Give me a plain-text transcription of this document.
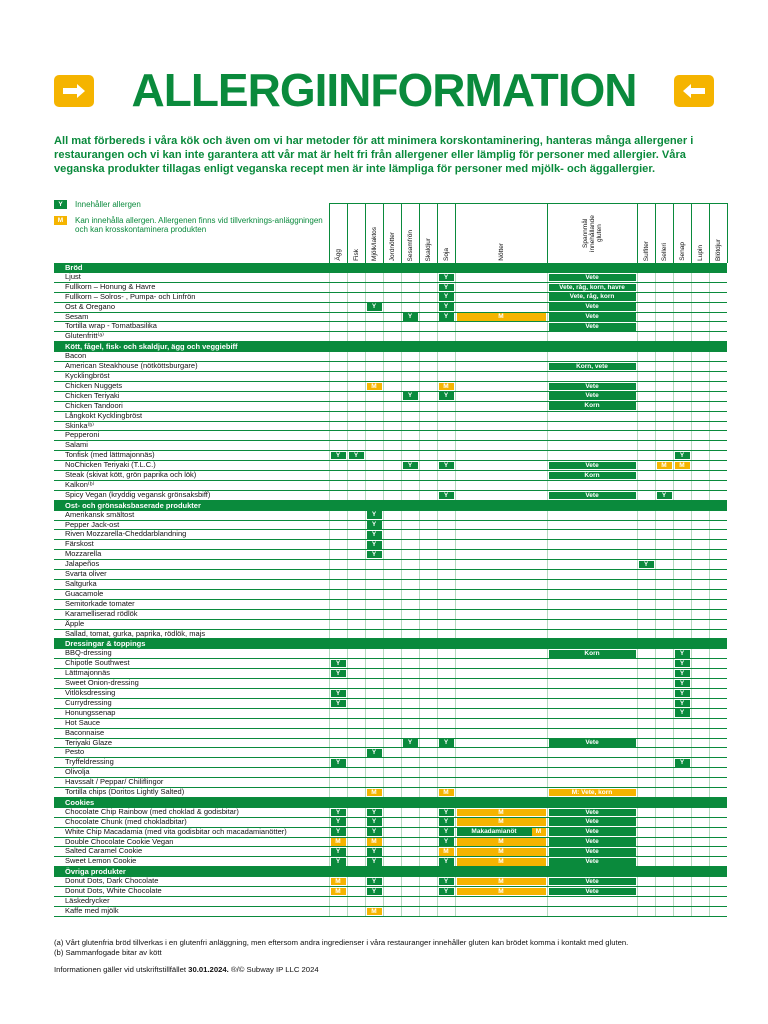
ALLERGIINFORMATION
All mat förbereds i våra kök och även om vi har metoder för att minimera korskontaminering, hanteras många allergener i restaurangen och vi kan inte garantera att vår mat är helt fri från allergener eller lämplig för personer med allergier. Våra veganska produkter tillagas enligt veganska recept men är inte lämpliga för personer med mjölk- och äggallergier.
Y	Innehåller allergen
M	Kan innehålla allergen. Allergenen finns vid tillverknings-anläggningen och kan krosskontaminera produkten

	Ägg	Fisk	Mjölk/laktos	Jordnötter	Sesamfrön	Skaldjur	Soja	Nötter	Spannmål innehållande gluten	Sulfiter	Selleri	Senap	Lupin	Blötdjur

Bröd														
Ljust							Y		Vete					

Fullkorn – Honung & Havre							Y		Vete, råg, korn, havre					

Fullkorn – Solros- , Pumpa- och Linfrön							Y		Vete, råg, korn					

Ost & Oregano			Y				Y		Vete					

Sesam					Y		Y	M	Vete					

Tortilla wrap - Tomatbasilika									Vete					

Glutenfritt⁽ᵃ⁾														
Kött, fågel, fisk- och skaldjur, ägg och veggiebiff														
Bacon														
American Steakhouse (nötköttsburgare)									Korn, vete					

Kycklingbröst														
Chicken Nuggets			M				M		Vete					

Chicken Teriyaki					Y		Y		Vete					

Chicken Tandoori									Korn					

Långkokt Kycklingbröst														
Skinka⁽ᵇ⁾														
Pepperoni														
Salami														
Tonfisk (med lättmajonnäs)	Y	Y										Y		

NoChicken Teriyaki (T.L.C.)					Y		Y		Vete		M	M		

Steak (skivat kött, grön paprika och lök)									Korn					

Kalkon⁽ᵇ⁾														
Spicy Vegan (kryddig vegansk grönsaksbiff)							Y		Vete		Y			

Ost- och grönsaksbaserade produkter														
Amerikansk smältost			Y											

Pepper Jack-ost			Y											

Riven Mozzarella-Cheddarblandning			Y											

Färskost			Y											

Mozzarella			Y											

Jalapeños										Y				

Svarta oliver														
Saltgurka														
Guacamole														
Semitorkade tomater														
Karamelliserad rödlök														
Äpple														
Sallad, tomat, gurka, paprika, rödlök, majs														
Dressingar & toppings														
BBQ-dressing									Korn			Y		

Chipotle Southwest	Y											Y		

Lättmajonnäs	Y											Y		

Sweet Onion-dressing												Y		

Vitlöksdressing	Y											Y		

Currydressing	Y											Y		

Honungssenap												Y		

Hot Sauce														
Baconnaise														
Teriyaki Glaze					Y		Y		Vete					

Pesto			Y											

Tryffeldressing	Y											Y		

Olivolja														
Havssalt / Peppar/ Chiliflingor														
Tortilla chips (Doritos Lightly Salted)			M				M		M: Vete, korn					

Cookies														
Chocolate Chip Rainbow (med choklad & godisbitar)	Y		Y				Y	M	Vete					

Chocolate Chunk (med chokladbitar)	Y		Y				Y	M	Vete					

White Chip Macadamia (med vita godisbitar och macadamianötter)	Y		Y				Y	Makadamianöt M	Vete					

Double Chocolate Cookie Vegan	M		M				Y	M	Vete					

Salted Caramel Cookie	Y		Y				M	M	Vete					

Sweet Lemon Cookie	Y		Y				Y	M	Vete					

Övriga produkter														
Donut Dots, Dark Chocolate	M		Y				Y	M	Vete					

Donut Dots, White Chocolate	M		Y				Y	M	Vete					

Läskedrycker														
Kaffe med mjölk			M											

(a) Vårt glutenfria bröd tillverkas i en glutenfri anläggning, men eftersom andra ingredienser i våra restauranger innehåller gluten kan brödet komma i kontakt med gluten.
(b) Sammanfogade bitar av kött
Informationen gäller vid utskriftstillfället 30.01.2024. ®/© Subway IP LLC 2024
